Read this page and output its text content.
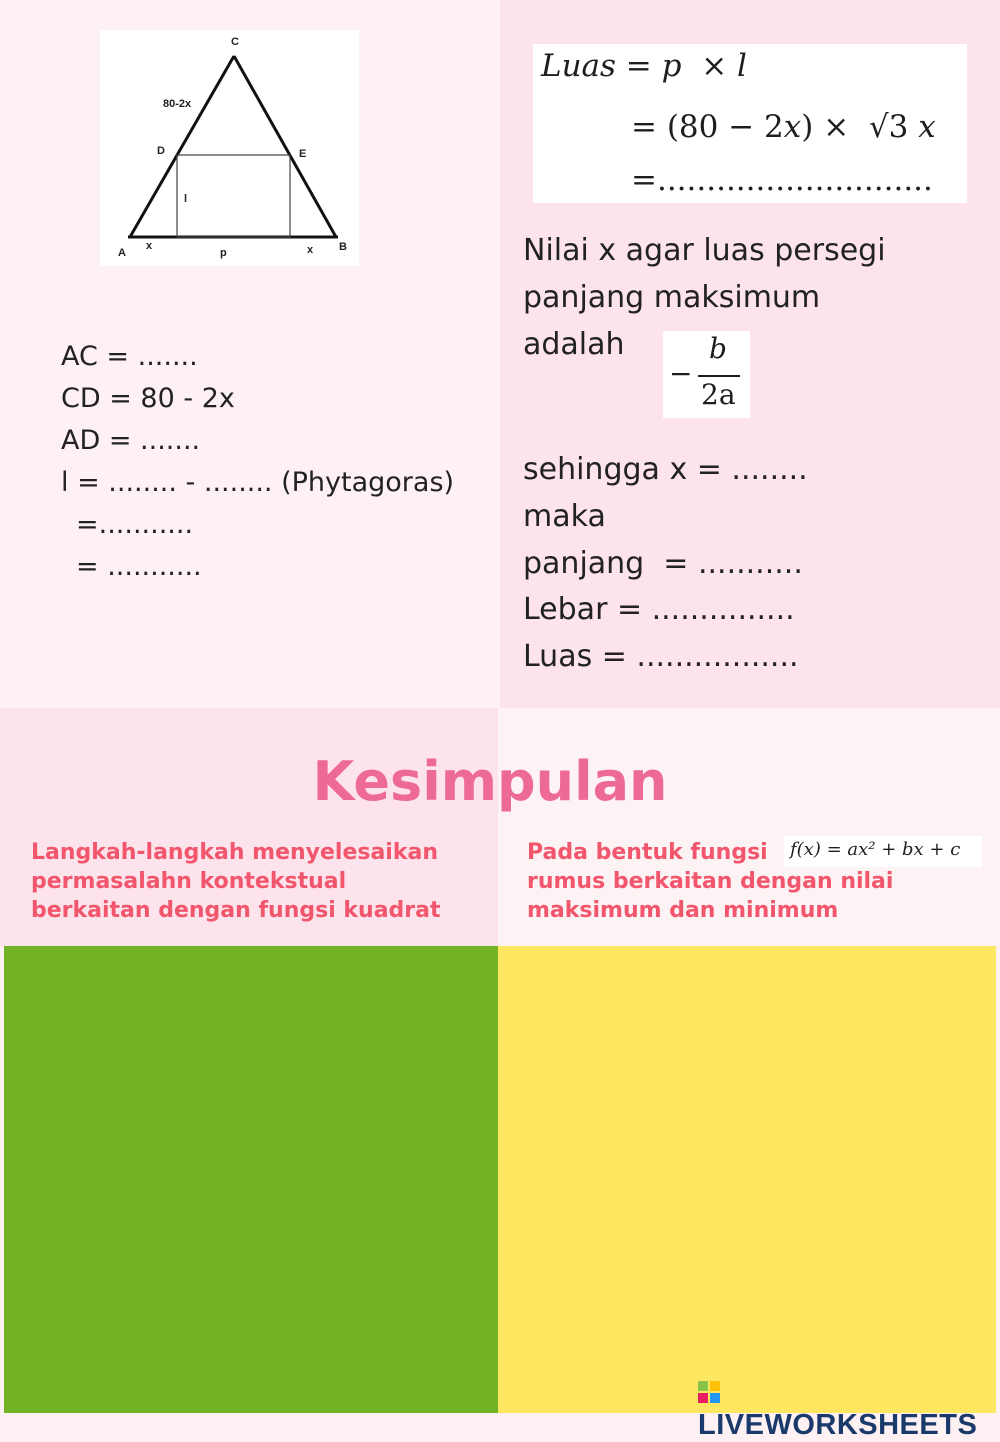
C
80-2x
D	E
l
A
x
p	x B
AC = .......
CD = 80 - 2x
AD = .......
l = ........ - ........ (Phytagoras)
=...........
= ...........
Luas = p  × l
= (80 − 2x) ×  √3 x
=............................
Nilai x agar luas persegi
panjang maksimum
adalah
−
b
2a
sehingga x = ........
maka
panjang  = ...........
Lebar = ...............
Luas = .................
Kesimpulan
Langkah-langkah menyelesaikan
permasalahn kontekstual
berkaitan dengan fungsi kuadrat
Pada bentuk fungsi
rumus berkaitan dengan nilai
maksimum dan minimum
f(x) = ax² + bx + c
LIVEWORKSHEETS
